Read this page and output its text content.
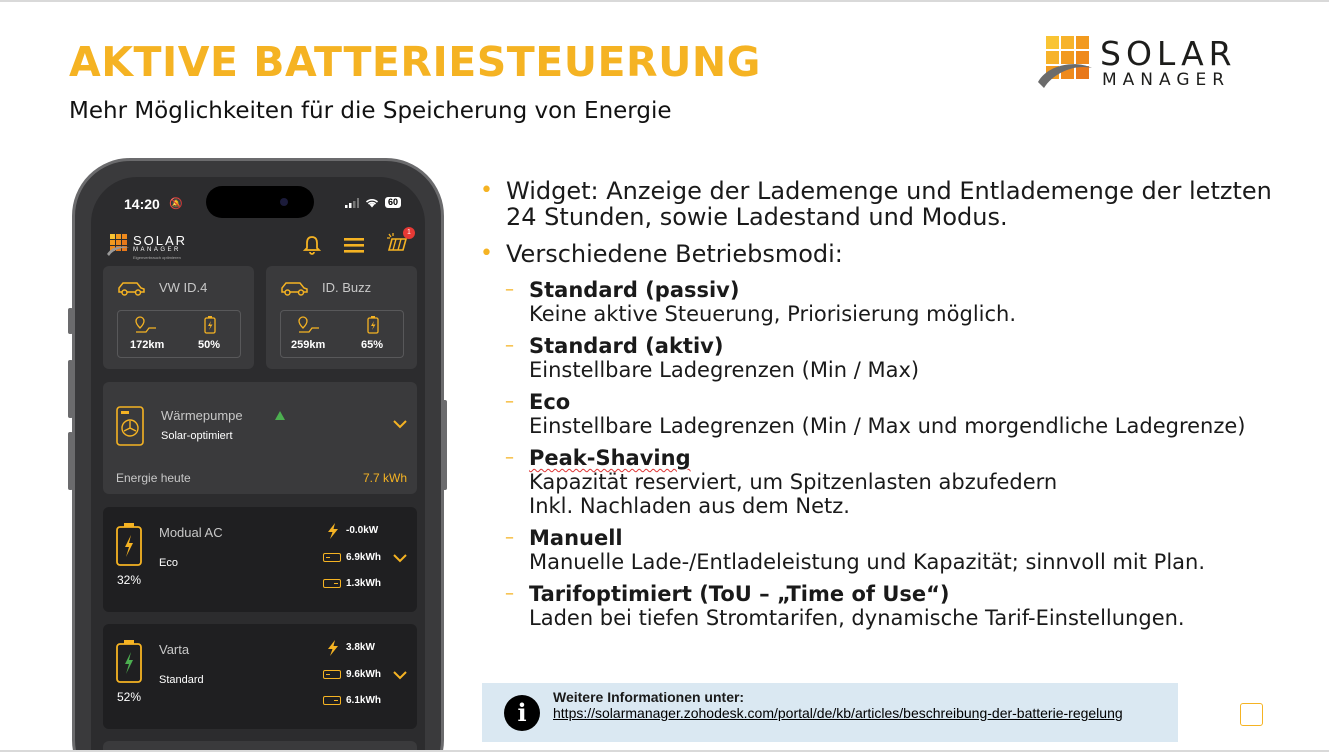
AKTIVE BATTERIESTEUERUNG
Mehr Möglichkeiten für die Speicherung von Energie
SOLAR
MANAGER
14:20 🔕	60
SOLAR
MANAGER
Eigenverbrauch optimieren
1
VW ID.4
172km	50%
ID. Buzz
259km	65%
Wärmepumpe
Solar-optimiert
Energie heute	7.7 kWh
32%
Modual AC
Eco
-0.0kW
6.9kWh
1.3kWh
52%
Varta
Standard
3.8kW
9.6kWh
6.1kWh
• Widget: Anzeige der Lademenge und Entlademenge der letzten 24 Stunden, sowie Ladestand und Modus.
• Verschiedene Betriebsmodi:
– Standard (passiv)
Keine aktive Steuerung, Priorisierung möglich.
– Standard (aktiv)
Einstellbare Ladegrenzen (Min / Max)
– Eco
Einstellbare Ladegrenzen (Min / Max und morgendliche Ladegrenze)
– Peak-Shaving
Kapazität reserviert, um Spitzenlasten abzufedern
Inkl. Nachladen aus dem Netz.
– Manuell
Manuelle Lade-/Entladeleistung und Kapazität; sinnvoll mit Plan.
– Tarifoptimiert (ToU – „Time of Use“)
Laden bei tiefen Stromtarifen, dynamische Tarif-Einstellungen.
i
Weitere Informationen unter:
https://solarmanager.zohodesk.com/portal/de/kb/articles/beschreibung-der-batterie-regelung
